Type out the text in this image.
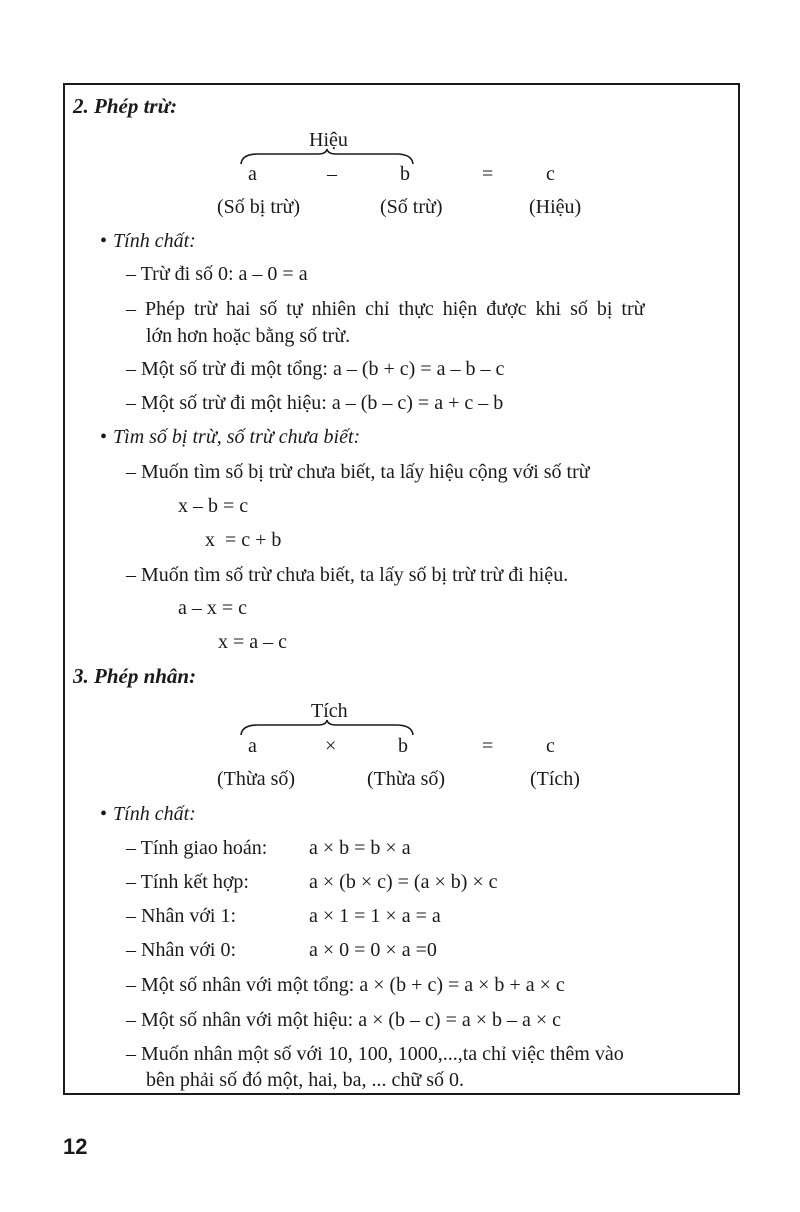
2. Phép trừ:
Hiệu
a	–	b	=	c
(Số bị trừ)	(Số trừ)	(Hiệu)
• Tính chất:
– Trừ đi số 0: a – 0 = a
– Phép trừ hai số tự nhiên chỉ thực hiện được khi số bị trừ
lớn hơn hoặc bằng số trừ.
– Một số trừ đi một tổng: a – (b + c) = a – b – c
– Một số trừ đi một hiệu: a – (b – c) = a + c – b
• Tìm số bị trừ, số trừ chưa biết:
– Muốn tìm số bị trừ chưa biết, ta lấy hiệu cộng với số trừ
x – b = c
x  = c + b
– Muốn tìm số trừ chưa biết, ta lấy số bị trừ trừ đi hiệu.
a – x = c
x = a – c
3. Phép nhân:
Tích
a	×	b	=	c
(Thừa số)	(Thừa số)	(Tích)
• Tính chất:
– Tính giao hoán: a × b = b × a
– Tính kết hợp:	a × (b × c) = (a × b) × c
– Nhân với 1:	a × 1 = 1 × a = a
– Nhân với 0:	a × 0 = 0 × a =0
– Một số nhân với một tổng: a × (b + c) = a × b + a × c
– Một số nhân với một hiệu: a × (b – c) = a × b – a × c
– Muốn nhân một số với 10, 100, 1000,...,ta chỉ việc thêm vào
bên phải số đó một, hai, ba, ... chữ số 0.
12
